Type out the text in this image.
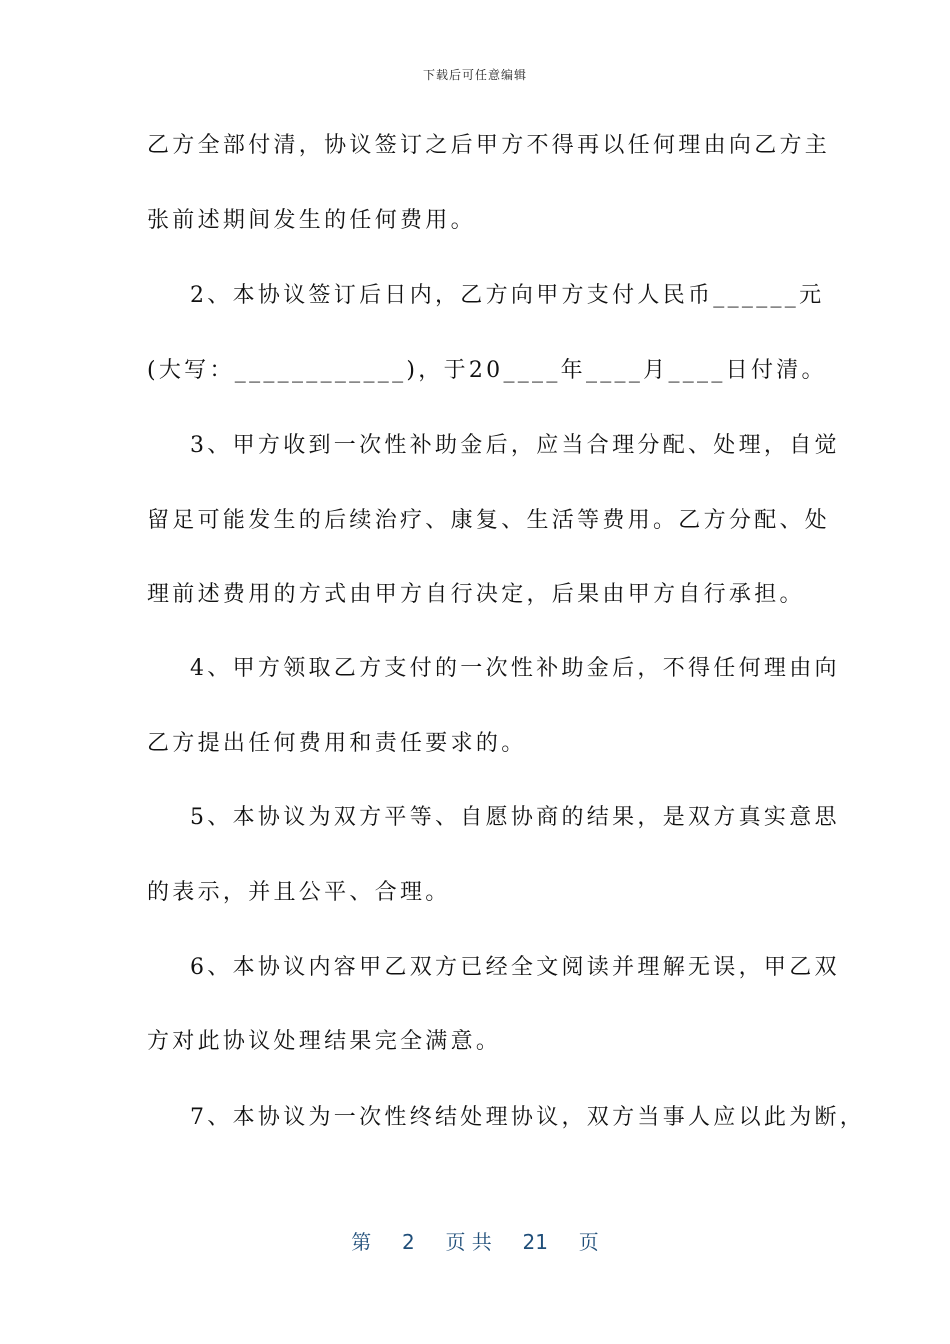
下载后可任意编辑
乙方全部付清，协议签订之后甲方不得再以任何理由向乙方主
张前述期间发生的任何费用。
2、本协议签订后日内，乙方向甲方支付人民币______元
(大写：____________)，于20____年____月____日付清。
3、甲方收到一次性补助金后，应当合理分配、处理，自觉
留足可能发生的后续治疗、康复、生活等费用。乙方分配、处
理前述费用的方式由甲方自行决定，后果由甲方自行承担。
4、甲方领取乙方支付的一次性补助金后，不得任何理由向
乙方提出任何费用和责任要求的。
5、本协议为双方平等、自愿协商的结果，是双方真实意思
的表示，并且公平、合理。
6、本协议内容甲乙双方已经全文阅读并理解无误，甲乙双
方对此协议处理结果完全满意。
7、本协议为一次性终结处理协议，双方当事人应以此为断，
第 2 页 共 21 页
